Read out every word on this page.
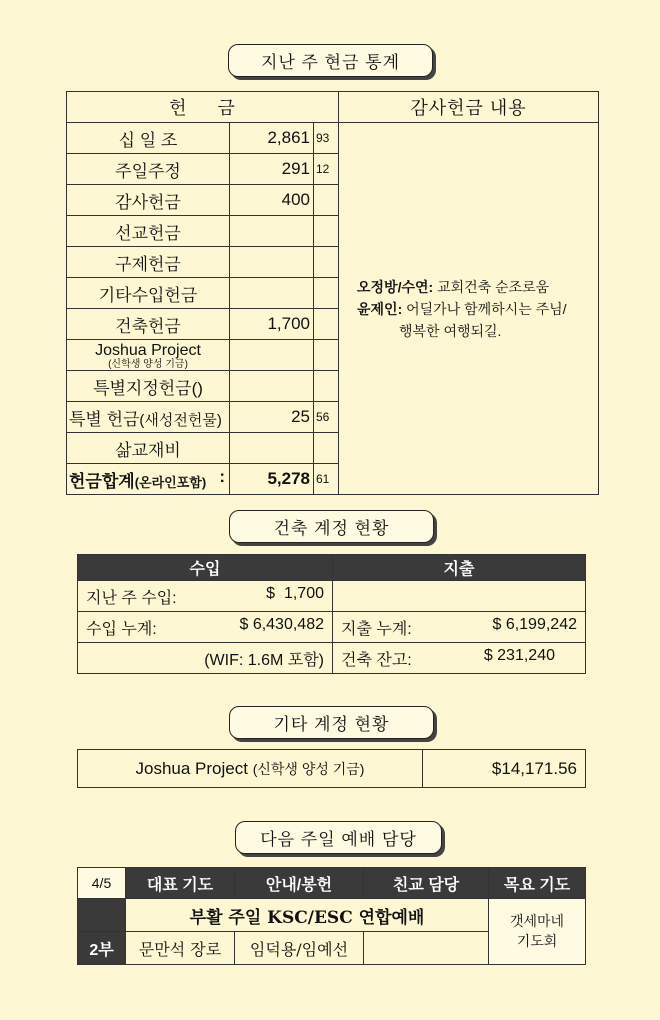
지난 주 현금 통계
헌     금			감사헌금 내용
십 일 조	2,861	93	오정방/수연: 교회건축 순조로움
윤제인: 어딜가나 함께하시는 주님/
행복한 여행되길.

주일주정	291	12	
감사헌금	400		
선교헌금			
구제헌금			
기타수입헌금			
건축헌금	1,700		
Joshua Project
(신학생 양성 기금)			

특별지정헌금()			
특별 헌금(새성전헌물)	25	56	
삶교재비			
헌금합계(온라인포함) :	5,278	61	
건축 계정 현황
수입	지출

지난 주 수입: $  1,700	

수입 누계: $ 6,430,482	지출 누계: $ 6,199,242

(WIF: 1.6M 포함)	건축 잔고: $ 231,240
기타 계정 현황
Joshua Project (신학생 양성 기금)	$14,171.56
다음 주일 예배 담당
4/5	대표 기도	안내/봉헌	친교 담당	목요 기도
	부활 주일 KSC/ESC 연합예배			갯세마네
기도회

2부	문만석 장로	임덕용/임예선		
